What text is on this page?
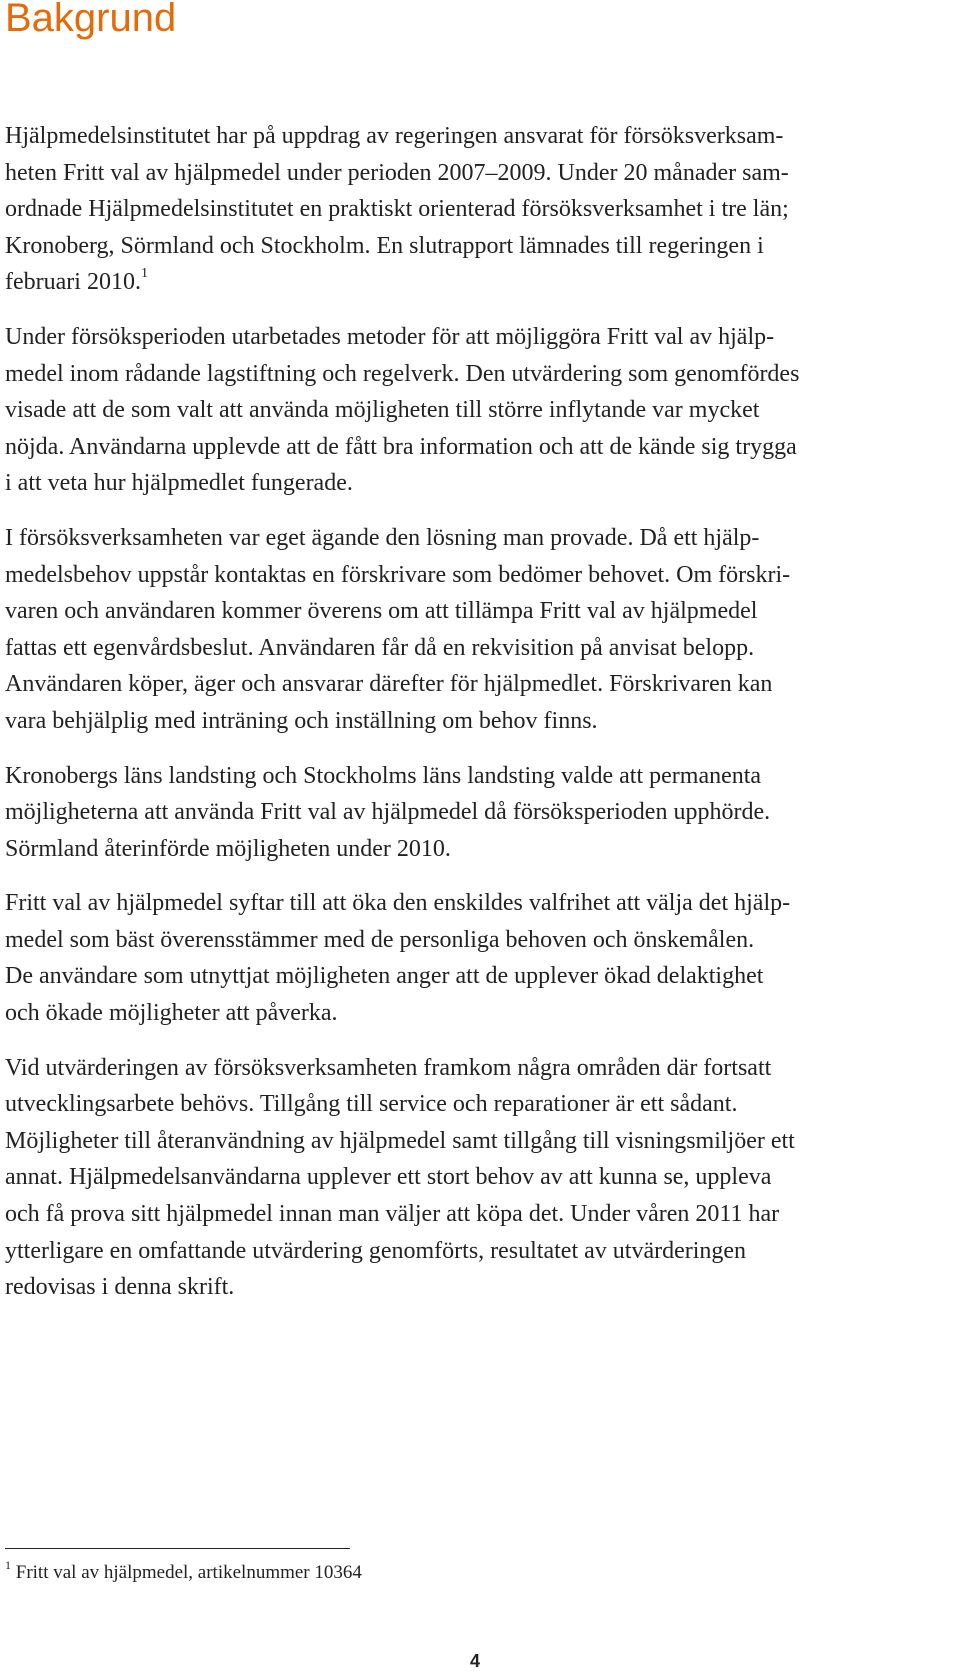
Bakgrund

Hjälpmedelsinstitutet har på uppdrag av regeringen ansvarat för försöksverksam-
heten Fritt val av hjälpmedel under perioden 2007–2009. Under 20 månader sam-
ordnade Hjälpmedelsinstitutet en praktiskt orienterad försöksverksamhet i tre län;
Kronoberg, Sörmland och Stockholm. En slutrapport lämnades till regeringen i
februari 2010.$^1$

Under försöksperioden utarbetades metoder för att möjliggöra Fritt val av hjälp-
medel inom rådande lagstiftning och regelverk. Den utvärdering som genomfördes
visade att de som valt att använda möjligheten till större inflytande var mycket
nöjda. Användarna upplevde att de fått bra information och att de kände sig trygga
i att veta hur hjälpmedlet fungerade.

I försöksverksamheten var eget ägande den lösning man provade. Då ett hjälp-
medelsbehov uppstår kontaktas en förskrivare som bedömer behovet. Om förskri-
varen och användaren kommer överens om att tillämpa Fritt val av hjälpmedel
fattas ett egenvårdsbeslut. Användaren får då en rekvisition på anvisat belopp.
Användaren köper, äger och ansvarar därefter för hjälpmedlet. Förskrivaren kan
vara behjälplig med inträning och inställning om behov finns.

Kronobergs läns landsting och Stockholms läns landsting valde att permanenta
möjligheterna att använda Fritt val av hjälpmedel då försöksperioden upphörde.
Sörmland återinförde möjligheten under 2010.

Fritt val av hjälpmedel syftar till att öka den enskildes valfrihet att välja det hjälp-
medel som bäst överensstämmer med de personliga behoven och önskemålen.
De användare som utnyttjat möjligheten anger att de upplever ökad delaktighet
och ökade möjligheter att påverka.

Vid utvärderingen av försöksverksamheten framkom några områden där fortsatt
utvecklingsarbete behövs. Tillgång till service och reparationer är ett sådant.
Möjligheter till återanvändning av hjälpmedel samt tillgång till visningsmiljöer ett
annat. Hjälpmedelsanvändarna upplever ett stort behov av att kunna se, uppleva
och få prova sitt hjälpmedel innan man väljer att köpa det. Under våren 2011 har
ytterligare en omfattande utvärdering genomförts, resultatet av utvärderingen
redovisas i denna skrift.

$^1$ Fritt val av hjälpmedel, artikelnummer 10364

4
